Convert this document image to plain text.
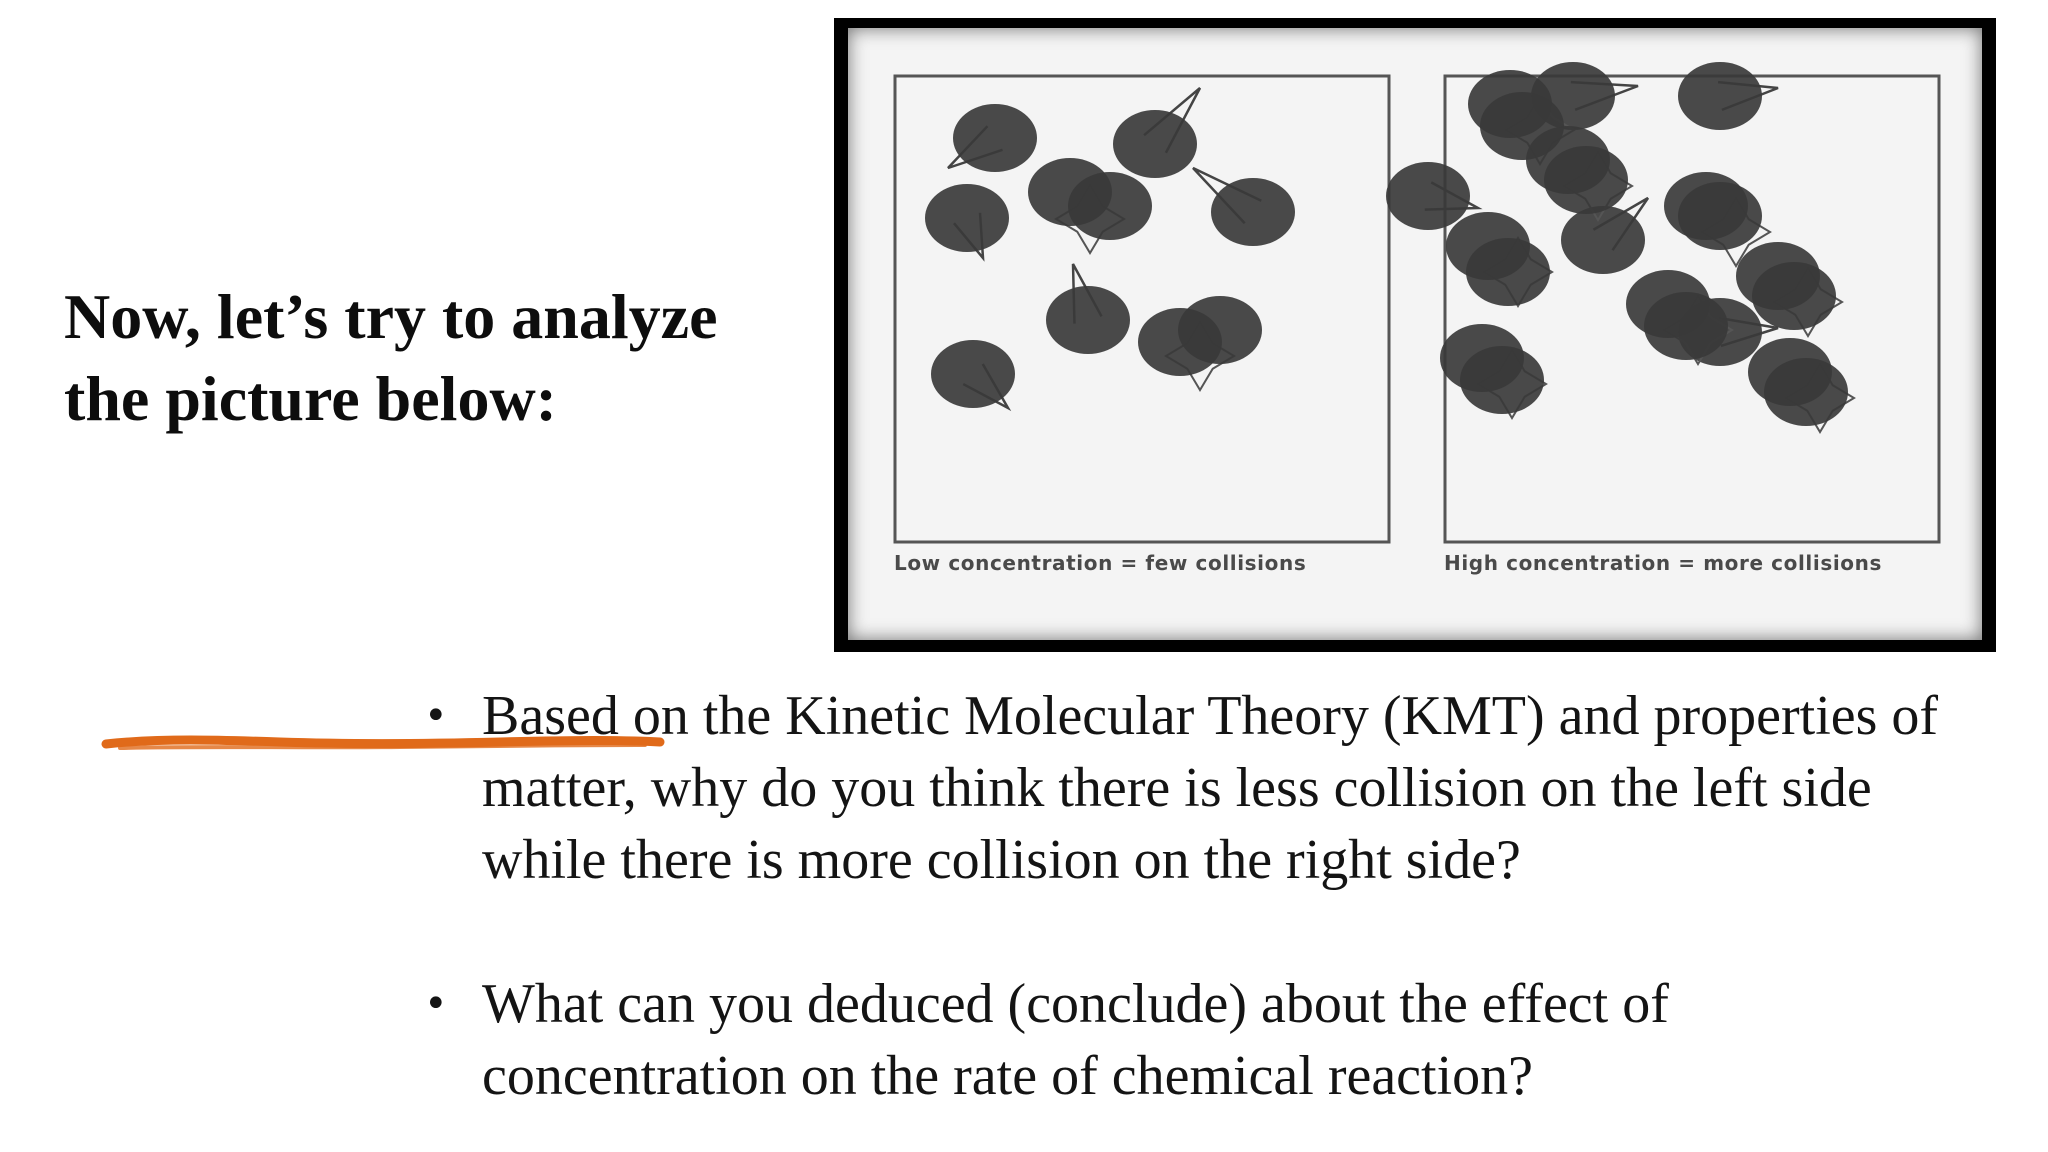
Now, let’s try to analyze
the picture below:
Low concentration = few collisions	High concentration = more collisions
• Based on the Kinetic Molecular Theory (KMT) and properties of
matter, why do you think there is less collision on the left side
while there is more collision on the right side?
• What can you deduced (conclude) about the effect of
concentration on the rate of chemical reaction?
